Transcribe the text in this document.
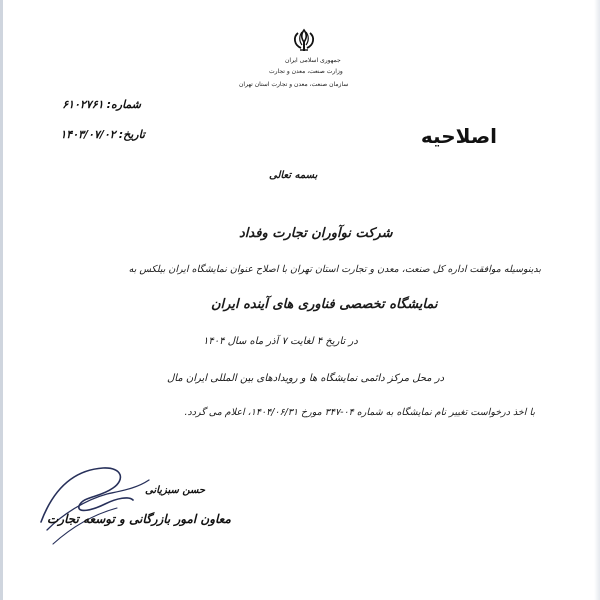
جمهوری اسلامی ایران
وزارت صنعت، معدن و تجارت
سازمان صنعت، معدن و تجارت استان تهران
شماره:۶۱۰۲۷۶۱
تاریخ:۱۴۰۳/۰۷/۰۲	اصلاحیه
بسمه تعالی
شرکت نوآوران تجارت وفداد
بدینوسیله موافقت اداره کل صنعت، معدن و تجارت استان تهران با اصلاح عنوان نمایشگاه ایران بیلکس به
نمایشگاه تخصصی فناوری های آینده ایران
در تاریخ ۴ لغایت ۷ آذر ماه سال ۱۴۰۴
در محل مرکز دائمی نمایشگاه ها و رویدادهای بین المللی ایران مال
با اخذ درخواست تغییر نام نمایشگاه به شماره ۰۴-۳۴۷ مورخ ۱۴۰۴/۰۶/۳۱، اعلام می گردد.
حسن سبزیانی
معاون امور بازرگانی و توسعه تجارت
